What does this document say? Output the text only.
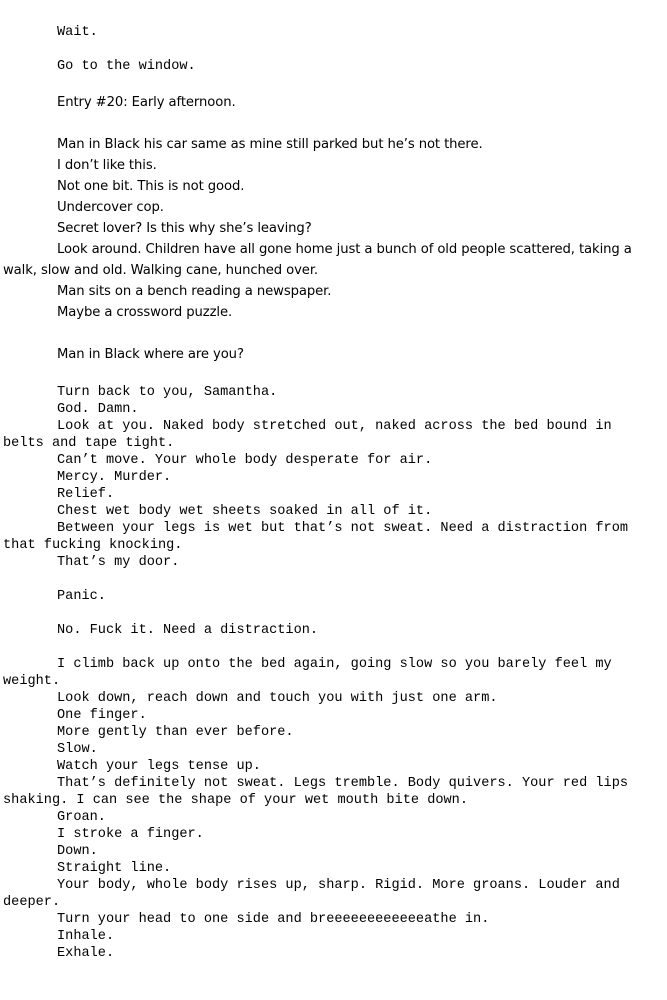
Wait.

Go to the window.

Entry #20: Early afternoon.

Man in Black his car same as mine still parked but he’s not there.

I don’t like this.

Not one bit. This is not good.

Undercover cop.

Secret lover? Is this why she’s leaving?

Look around. Children have all gone home just a bunch of old people scattered, taking a walk, slow and old. Walking cane, hunched over.

Man sits on a bench reading a newspaper.

Maybe a crossword puzzle.

Man in Black where are you?

Turn back to you, Samantha.

God. Damn.

Look at you. Naked body stretched out, naked across the bed bound in belts and tape tight.

Can’t move. Your whole body desperate for air.

Mercy. Murder.

Relief.

Chest wet body wet sheets soaked in all of it.

Between your legs is wet but that’s not sweat. Need a distraction from that fucking knocking.

That’s my door.

Panic.

No. Fuck it. Need a distraction.

I climb back up onto the bed again, going slow so you barely feel my weight.

Look down, reach down and touch you with just one arm.

One finger.

More gently than ever before.

Slow.

Watch your legs tense up.

That’s definitely not sweat. Legs tremble. Body quivers. Your red lips shaking. I can see the shape of your wet mouth bite down.

Groan.

I stroke a finger.

Down.

Straight line.

Your body, whole body rises up, sharp. Rigid. More groans. Louder and deeper.

Turn your head to one side and breeeeeeeeeeeeathe in.

Inhale.

Exhale.
